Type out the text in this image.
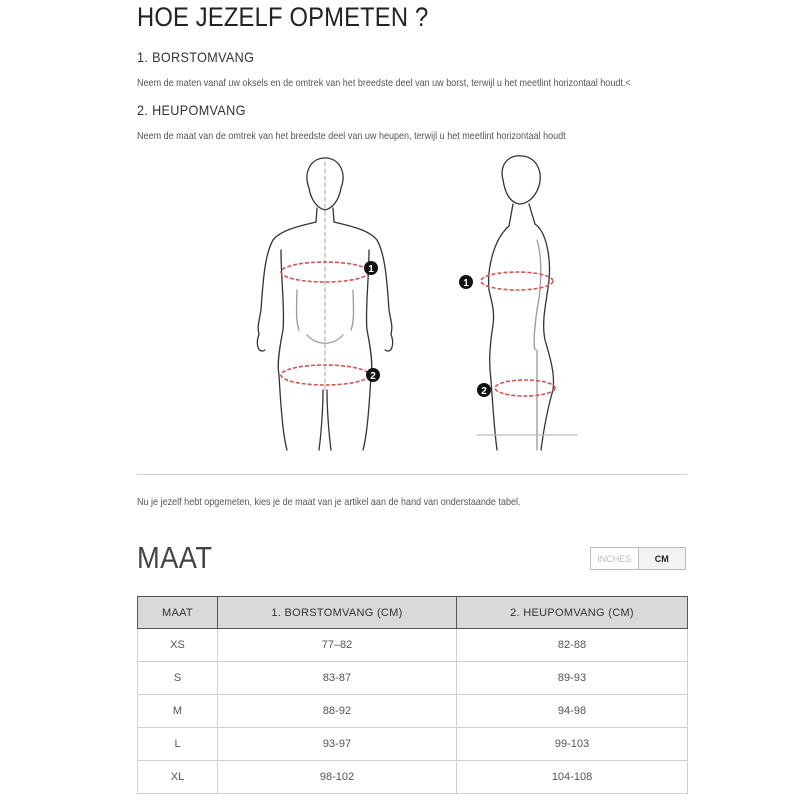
HOE JEZELF OPMETEN ?
1. BORSTOMVANG

Neem de maten vanaf uw oksels en de omtrek van het breedste deel van uw borst, terwijl u het meetlint horizontaal houdt.<

2. HEUPOMVANG

Neem de maat van de omtrek van het breedste deel van uw heupen, terwijl u het meetlint horizontaal houdt

1
2
1
2

Nu je jezelf hebt opgemeten, kies je de maat van je artikel aan de hand van onderstaande tabel.

MAAT	INCHES	CM
MAAT	1. BORSTOMVANG (CM)	2. HEUPOMVANG (CM)
XS	77–82	82-88
S	83-87	89-93
M	88-92	94-98
L	93-97	99-103
XL	98-102	104-108
